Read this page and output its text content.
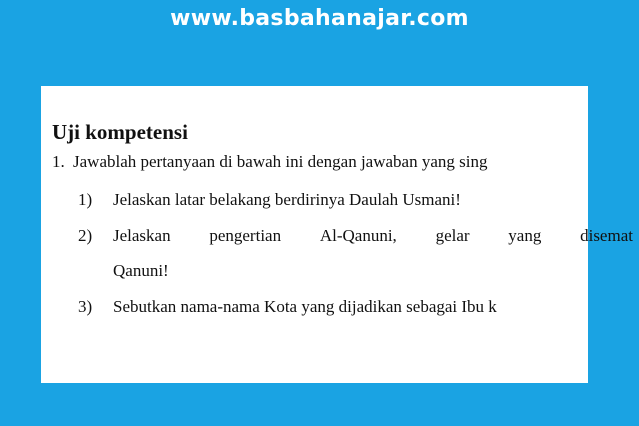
www.basbahanajar.com
Uji kompetensi
1. Jawablah pertanyaan di bawah ini dengan jawaban yang sing
1) Jelaskan latar belakang berdirinya Daulah Usmani!
2) Jelaskan pengertian Al-Qanuni, gelar yang disemat
Qanuni!
3) Sebutkan nama-nama Kota yang dijadikan sebagai Ibu k
